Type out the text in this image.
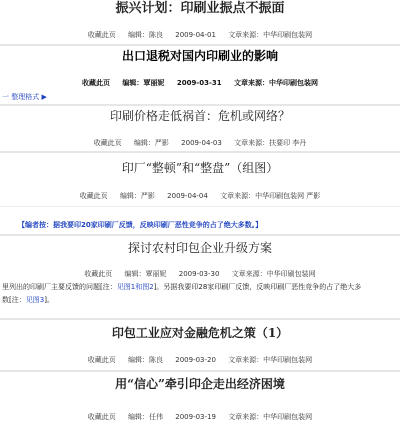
振兴计划：印刷业振点不振面
收藏此页 编辑：陈良 2009-04-01 文章来源：中华印刷包装网
出口退税对国内印刷业的影响
收藏此页 编辑：覃丽妮 2009-03-31 文章来源：中华印刷包装网
一 整理格式 ▶
印刷价格走低祸首：危机或网络？
收藏此页 编辑：严影 2009-04-03 文章来源：扶要印 李丹
印厂“整顿”和“整盘”（组图）
收藏此页 编辑：严影 2009-04-04 文章来源：中华印刷包装网 严影
【编者按：据我要印20家印刷厂反馈，反映印刷厂恶性竞争的占了绝大多数。】
探讨农村印包企业升级方案
收藏此页 编辑：覃丽妮 2009-03-30 文章来源：中华印刷包装网
里列出的印刷厂主要反馈的问题[注：见图1和图2]。另据我要印28家印刷厂反馈，反映印刷厂恶性竞争的占了绝大多
数[注：见图3]。
印包工业应对金融危机之策（1）
收藏此页 编辑：陈良 2009-03-20 文章来源：中华印刷包装网
用“信心”牵引印企走出经济困境
收藏此页 编辑：任伟 2009-03-19 文章来源：中华印刷包装网
